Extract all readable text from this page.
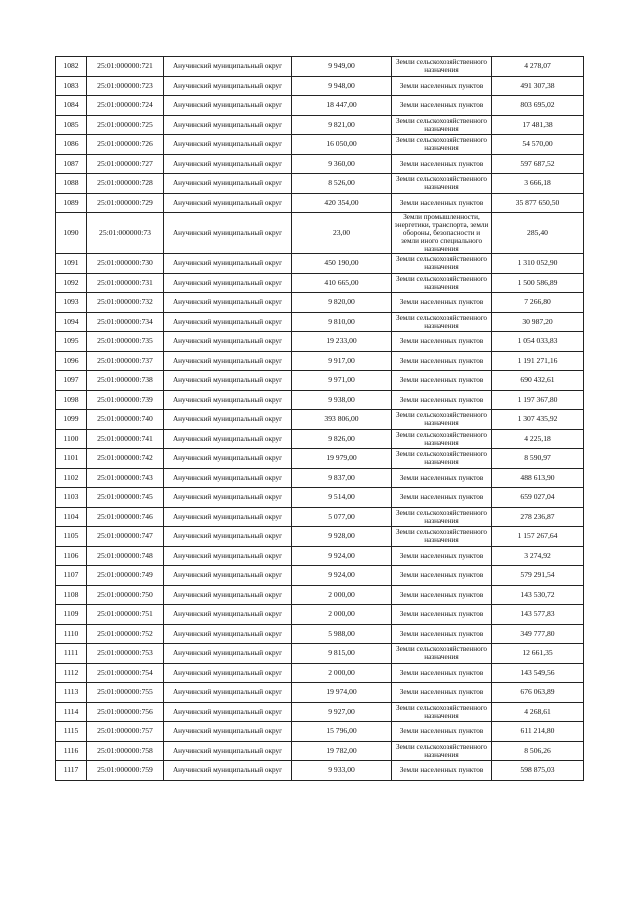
1082	25:01:000000:721	Анучинский муниципальный округ	9 949,00	Земли сельскохозяйственного назначения	4 278,07
1083	25:01:000000:723	Анучинский муниципальный округ	9 948,00	Земли населенных пунктов	491 307,38
1084	25:01:000000:724	Анучинский муниципальный округ	18 447,00	Земли населенных пунктов	803 695,02
1085	25:01:000000:725	Анучинский муниципальный округ	9 821,00	Земли сельскохозяйственного назначения	17 481,38
1086	25:01:000000:726	Анучинский муниципальный округ	16 050,00	Земли сельскохозяйственного назначения	54 570,00
1087	25:01:000000:727	Анучинский муниципальный округ	9 360,00	Земли населенных пунктов	597 687,52
1088	25:01:000000:728	Анучинский муниципальный округ	8 526,00	Земли сельскохозяйственного назначения	3 666,18
1089	25:01:000000:729	Анучинский муниципальный округ	420 354,00	Земли населенных пунктов	35 877 650,50
1090	25:01:000000:73	Анучинский муниципальный округ	23,00	Земли промышленности, энергетики, транспорта, земли обороны, безопасности и земли иного специального назначения	285,40
1091	25:01:000000:730	Анучинский муниципальный округ	450 190,00	Земли сельскохозяйственного назначения	1 310 052,90
1092	25:01:000000:731	Анучинский муниципальный округ	410 665,00	Земли сельскохозяйственного назначения	1 500 586,89
1093	25:01:000000:732	Анучинский муниципальный округ	9 820,00	Земли населенных пунктов	7 266,80
1094	25:01:000000:734	Анучинский муниципальный округ	9 810,00	Земли сельскохозяйственного назначения	30 987,20
1095	25:01:000000:735	Анучинский муниципальный округ	19 233,00	Земли населенных пунктов	1 054 033,83
1096	25:01:000000:737	Анучинский муниципальный округ	9 917,00	Земли населенных пунктов	1 191 271,16
1097	25:01:000000:738	Анучинский муниципальный округ	9 971,00	Земли населенных пунктов	690 432,61
1098	25:01:000000:739	Анучинский муниципальный округ	9 938,00	Земли населенных пунктов	1 197 367,80
1099	25:01:000000:740	Анучинский муниципальный округ	393 806,00	Земли сельскохозяйственного назначения	1 307 435,92
1100	25:01:000000:741	Анучинский муниципальный округ	9 826,00	Земли сельскохозяйственного назначения	4 225,18
1101	25:01:000000:742	Анучинский муниципальный округ	19 979,00	Земли сельскохозяйственного назначения	8 590,97
1102	25:01:000000:743	Анучинский муниципальный округ	9 837,00	Земли населенных пунктов	488 613,90
1103	25:01:000000:745	Анучинский муниципальный округ	9 514,00	Земли населенных пунктов	659 027,04
1104	25:01:000000:746	Анучинский муниципальный округ	5 077,00	Земли сельскохозяйственного назначения	278 236,87
1105	25:01:000000:747	Анучинский муниципальный округ	9 928,00	Земли сельскохозяйственного назначения	1 157 267,64
1106	25:01:000000:748	Анучинский муниципальный округ	9 924,00	Земли населенных пунктов	3 274,92
1107	25:01:000000:749	Анучинский муниципальный округ	9 924,00	Земли населенных пунктов	579 291,54
1108	25:01:000000:750	Анучинский муниципальный округ	2 000,00	Земли населенных пунктов	143 530,72
1109	25:01:000000:751	Анучинский муниципальный округ	2 000,00	Земли населенных пунктов	143 577,83
1110	25:01:000000:752	Анучинский муниципальный округ	5 988,00	Земли населенных пунктов	349 777,80
1111	25:01:000000:753	Анучинский муниципальный округ	9 815,00	Земли сельскохозяйственного назначения	12 661,35
1112	25:01:000000:754	Анучинский муниципальный округ	2 000,00	Земли населенных пунктов	143 549,56
1113	25:01:000000:755	Анучинский муниципальный округ	19 974,00	Земли населенных пунктов	676 063,89
1114	25:01:000000:756	Анучинский муниципальный округ	9 927,00	Земли сельскохозяйственного назначения	4 268,61
1115	25:01:000000:757	Анучинский муниципальный округ	15 796,00	Земли населенных пунктов	611 214,80
1116	25:01:000000:758	Анучинский муниципальный округ	19 782,00	Земли сельскохозяйственного назначения	8 506,26
1117	25:01:000000:759	Анучинский муниципальный округ	9 933,00	Земли населенных пунктов	598 875,03
